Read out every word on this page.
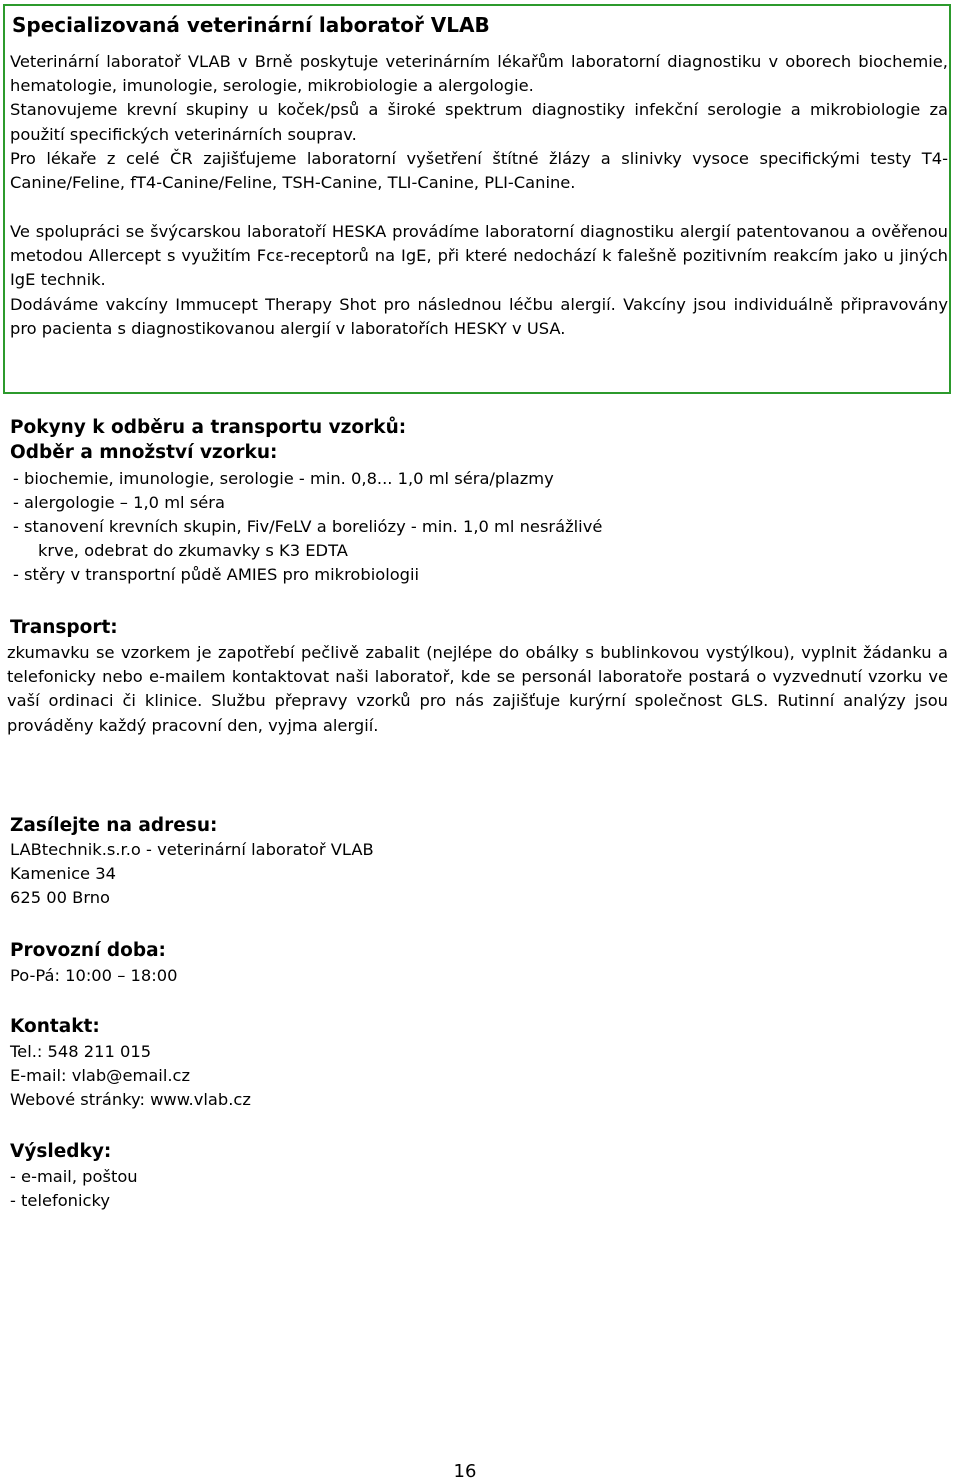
Specializovaná veterinární laboratoř VLAB

Veterinární laboratoř VLAB v Brně poskytuje veterinárním lékařům laboratorní diagnostiku v oborech biochemie, hematologie, imunologie, serologie, mikrobiologie a alergologie.

Stanovujeme krevní skupiny u koček/psů a široké spektrum diagnostiky infekční serologie a mikrobiologie za použití specifických veterinárních souprav.

Pro lékaře z celé ČR zajišťujeme laboratorní vyšetření štítné žlázy a slinivky vysoce specifickými testy T4-Canine/Feline, fT4-Canine/Feline, TSH-Canine, TLI-Canine, PLI-Canine.

Ve spolupráci se švýcarskou laboratoří HESKA provádíme laboratorní diagnostiku alergií patentovanou a ověřenou metodou Allercept s využitím Fcε-receptorů na IgE, při které nedochází k falešně pozitivním reakcím jako u jiných IgE technik.

Dodáváme vakcíny Immucept Therapy Shot pro následnou léčbu alergií. Vakcíny jsou individuálně připravovány pro pacienta s diagnostikovanou alergií v laboratořích HESKY v USA.

Pokyny k odběru a transportu vzorků:
Odběr a množství vzorku:

- biochemie, imunologie, serologie - min. 0,8... 1,0 ml séra/plazmy

- alergologie – 1,0 ml séra

- stanovení krevních skupin, Fiv/FeLV a boreliózy - min. 1,0 ml nesrážlivé

krve, odebrat do zkumavky s K3 EDTA

- stěry v transportní půdě AMIES pro mikrobiologii

Transport:

zkumavku se vzorkem je zapotřebí pečlivě zabalit (nejlépe do obálky s bublinkovou vystýlkou), vyplnit žádanku a telefonicky nebo e-mailem kontaktovat naši laboratoř, kde se personál laboratoře postará o vyzvednutí vzorku ve vaší ordinaci či klinice. Službu přepravy vzorků pro nás zajišťuje kurýrní společnost GLS. Rutinní analýzy jsou prováděny každý pracovní den, vyjma alergií.

Zasílejte na adresu:

LABtechnik.s.r.o - veterinární laboratoř VLAB

Kamenice 34

625 00 Brno

Provozní doba:

Po-Pá: 10:00 – 18:00

Kontakt:

Tel.: 548 211 015

E-mail: vlab@email.cz

Webové stránky: www.vlab.cz

Výsledky:

- e-mail, poštou

- telefonicky

16
